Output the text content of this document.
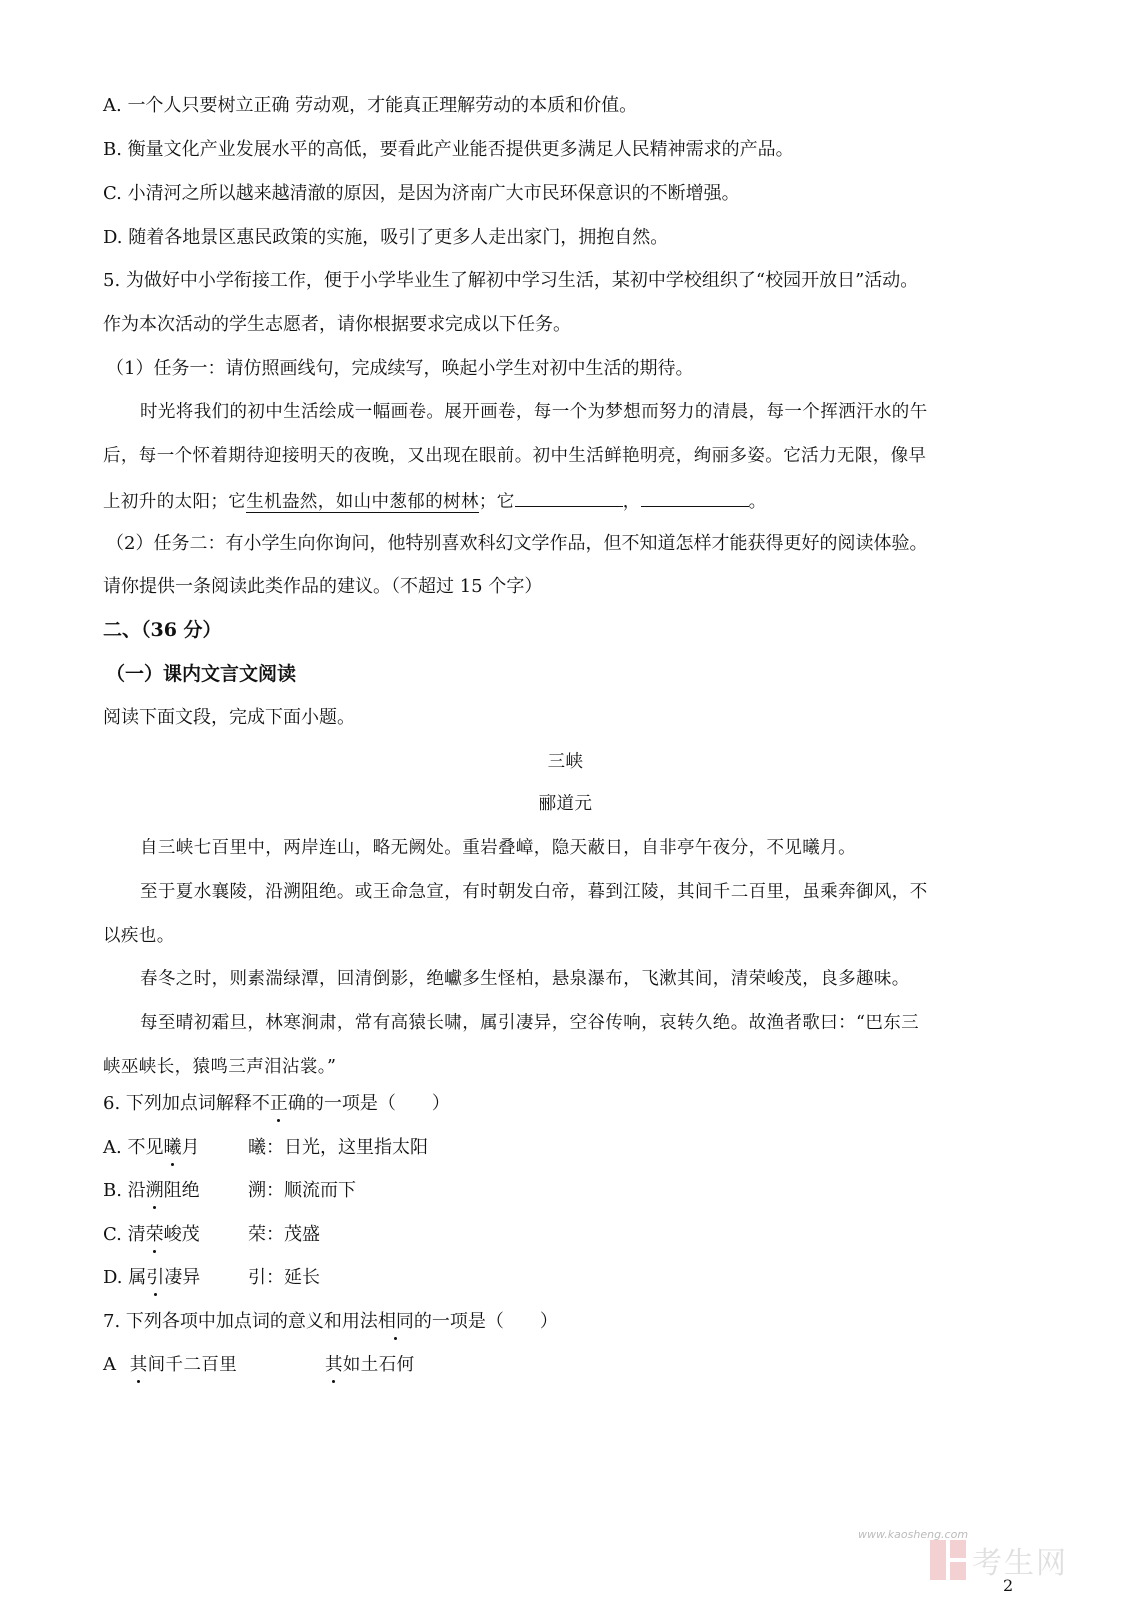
A. 一个人只要树立正确 劳动观，才能真正理解劳动的本质和价值。
B. 衡量文化产业发展水平的高低，要看此产业能否提供更多满足人民精神需求的产品。
C. 小清河之所以越来越清澈的原因，是因为济南广大市民环保意识的不断增强。
D. 随着各地景区惠民政策的实施，吸引了更多人走出家门，拥抱自然。
5. 为做好中小学衔接工作，便于小学毕业生了解初中学习生活，某初中学校组织了“校园开放日”活动。
作为本次活动的学生志愿者，请你根据要求完成以下任务。
（1）任务一：请仿照画线句，完成续写，唤起小学生对初中生活的期待。
时光将我们的初中生活绘成一幅画卷。展开画卷，每一个为梦想而努力的清晨，每一个挥洒汗水的午
后，每一个怀着期待迎接明天的夜晚，又出现在眼前。初中生活鲜艳明亮，绚丽多姿。它活力无限，像早
上初升的太阳；它生机盎然，如山中葱郁的树林；它	，	。
（2）任务二：有小学生向你询问，他特别喜欢科幻文学作品，但不知道怎样才能获得更好的阅读体验。
请你提供一条阅读此类作品的建议。（不超过 15 个字）
二、（36 分）
（一）课内文言文阅读
阅读下面文段，完成下面小题。
三峡
郦道元
自三峡七百里中，两岸连山，略无阙处。重岩叠嶂，隐天蔽日，自非亭午夜分，不见曦月。
至于夏水襄陵，沿溯阻绝。或王命急宣，有时朝发白帝，暮到江陵，其间千二百里，虽乘奔御风，不
以疾也。
春冬之时，则素湍绿潭，回清倒影，绝巘多生怪柏，悬泉瀑布，飞漱其间，清荣峻茂，良多趣味。
每至晴初霜旦，林寒涧肃，常有高猿长啸，属引凄异，空谷传响，哀转久绝。故渔者歌曰：“巴东三
峡巫峡长，猿鸣三声泪沾裳。”
6. 下列加点词解释不正确的一项是（　　）
A. 不见曦月	曦：日光，这里指太阳
B. 沿溯阻绝	溯：顺流而下
C. 清荣峻茂	荣：茂盛
D. 属引凄异	引：延长
7. 下列各项中加点词的意义和用法相同的一项是（　　）
A 其间千二百里	其如土石何
www.kaosheng.com
考生网
2
